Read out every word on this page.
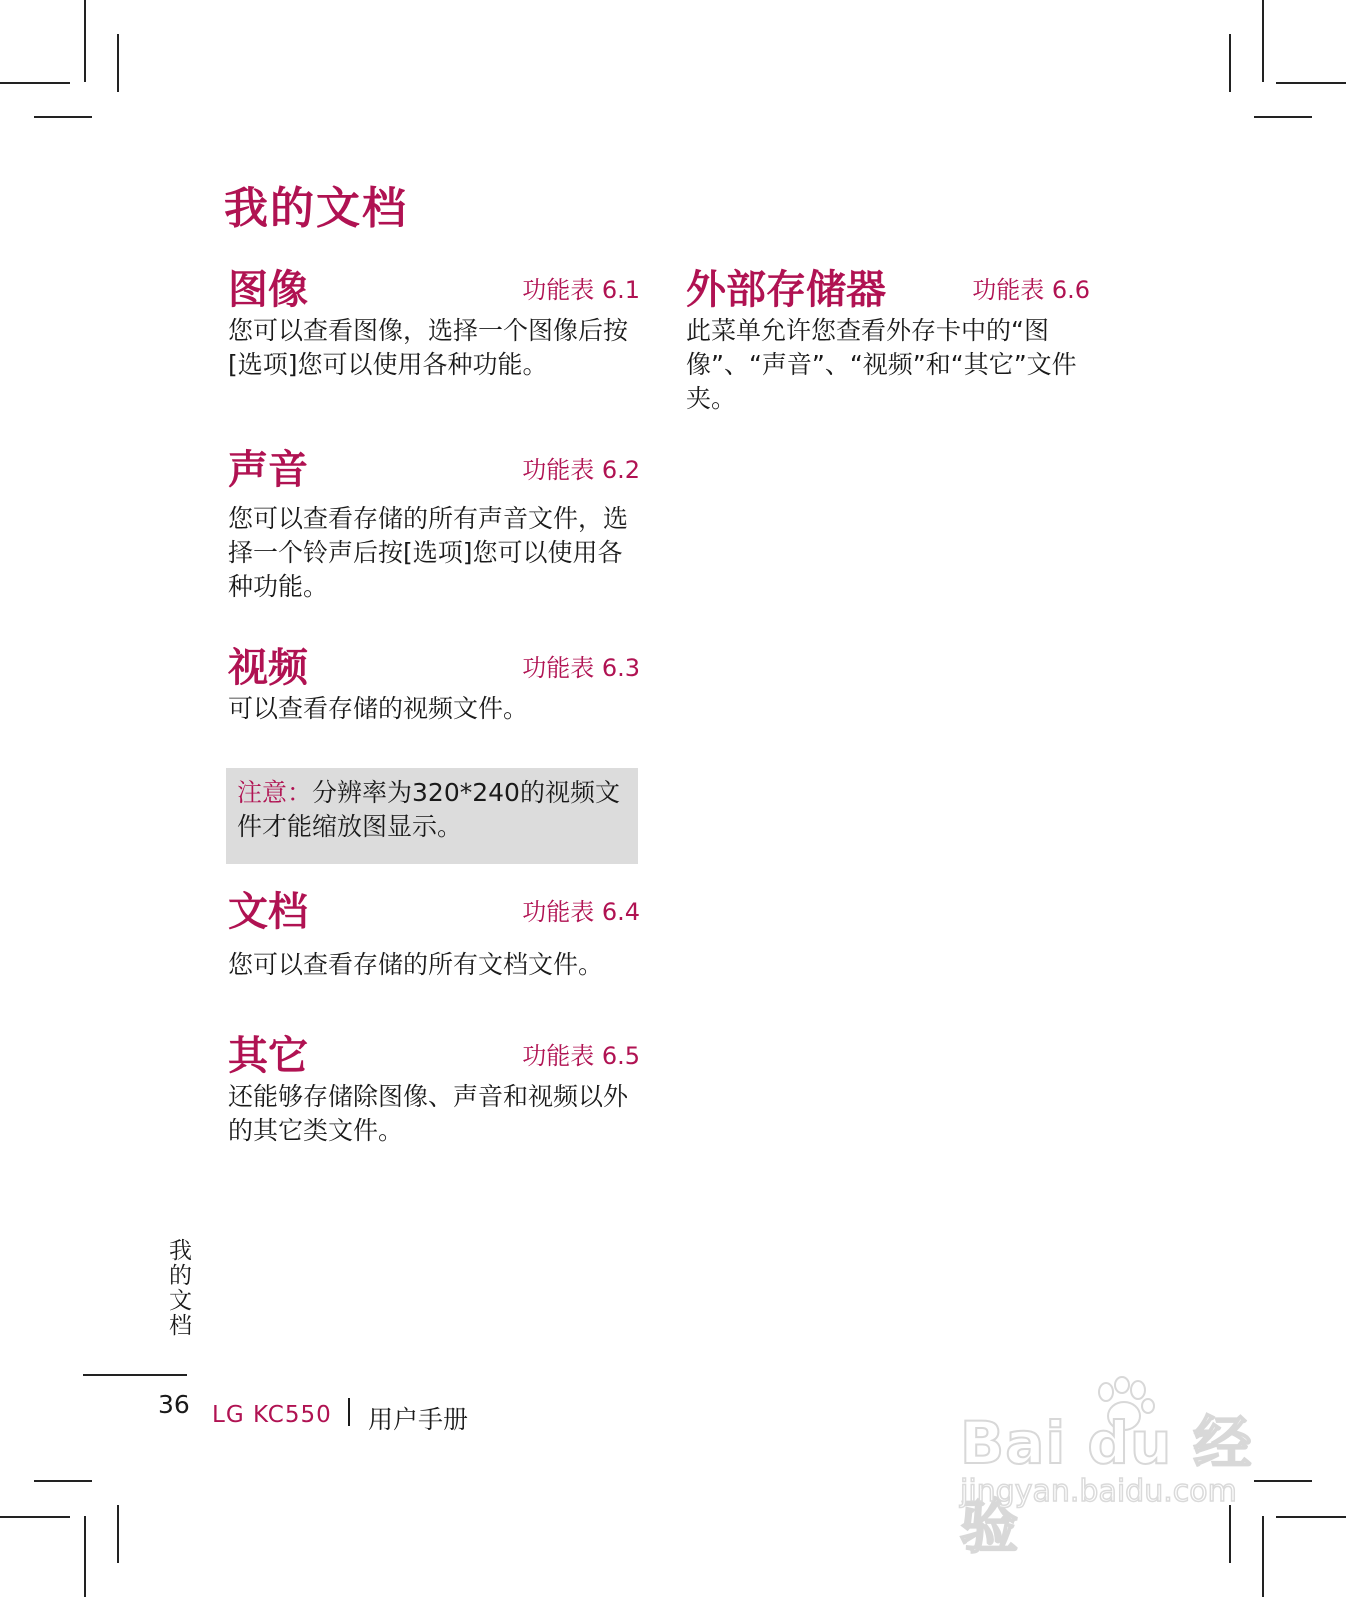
我的文档
图像	功能表 6.1

您可以查看图像，选择一个图像后按[选项]您可以使用各种功能。

声音	功能表 6.2

您可以查看存储的所有声音文件，选择一个铃声后按[选项]您可以使用各种功能。

视频	功能表 6.3

可以查看存储的视频文件。

注意：分辨率为320*240的视频文件才能缩放图显示。
文档	功能表 6.4

您可以查看存储的所有文档文件。

其它	功能表 6.5

还能够存储除图像、声音和视频以外的其它类文件。

外部存储器	功能表 6.6

此菜单允许您查看外存卡中的“图像”、“声音”、“视频”和“其它”文件夹。

我的文档
36 LG KC550 用户手册	Bai du 经验
jingyan.baidu.com
